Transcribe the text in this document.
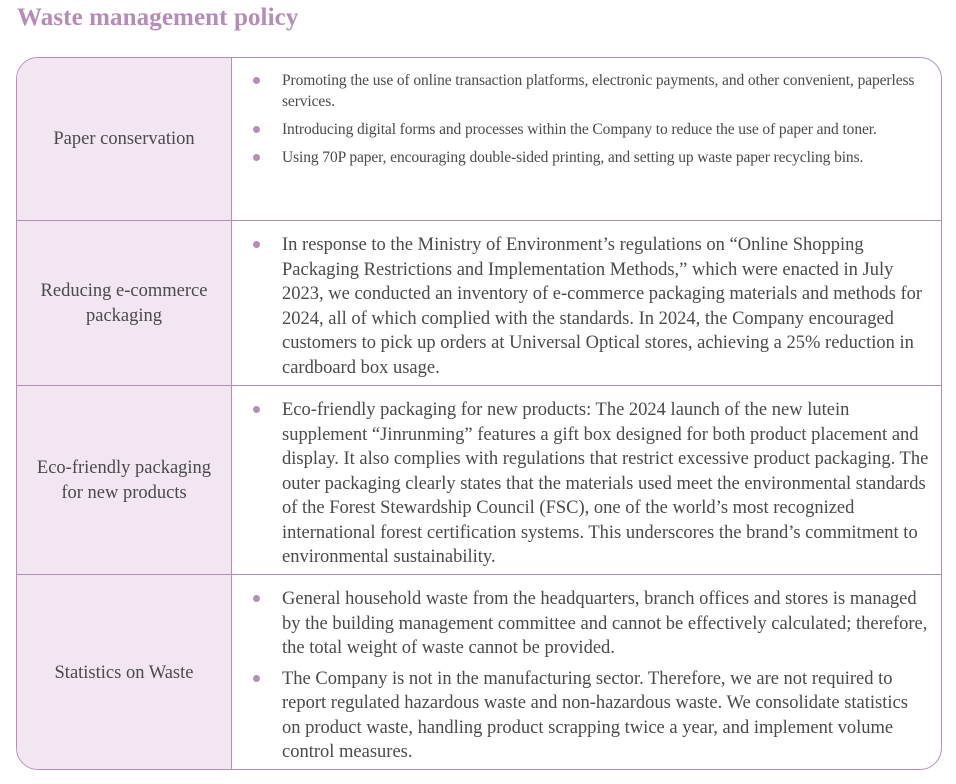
Waste management policy
Paper conservation
Promoting the use of online transaction platforms, electronic payments, and other convenient, paperless services.
Introducing digital forms and processes within the Company to reduce the use of paper and toner.
Using 70P paper, encouraging double-sided printing, and setting up waste paper recycling bins.
Reducing e-commerce packaging
In response to the Ministry of Environment’s regulations on “Online Shopping Packaging Restrictions and Implementation Methods,” which were enacted in July 2023, we conducted an inventory of e-commerce packaging materials and methods for 2024, all of which complied with the standards. In 2024, the Company encouraged customers to pick up orders at Universal Optical stores, achieving a 25% reduction in cardboard box usage.
Eco-friendly packaging for new products
Eco-friendly packaging for new products: The 2024 launch of the new lutein supplement “Jinrunming” features a gift box designed for both product placement and display. It also complies with regulations that restrict excessive product packaging. The outer packaging clearly states that the materials used meet the environmental standards of the Forest Stewardship Council (FSC), one of the world’s most recognized international forest certification systems. This underscores the brand’s commitment to environmental sustainability.
Statistics on Waste
General household waste from the headquarters, branch offices and stores is managed by the building management committee and cannot be effectively calculated; therefore, the total weight of waste cannot be provided.
The Company is not in the manufacturing sector. Therefore, we are not required to report regulated hazardous waste and non-hazardous waste. We consolidate statistics on product waste, handling product scrapping twice a year, and implement volume control measures.
